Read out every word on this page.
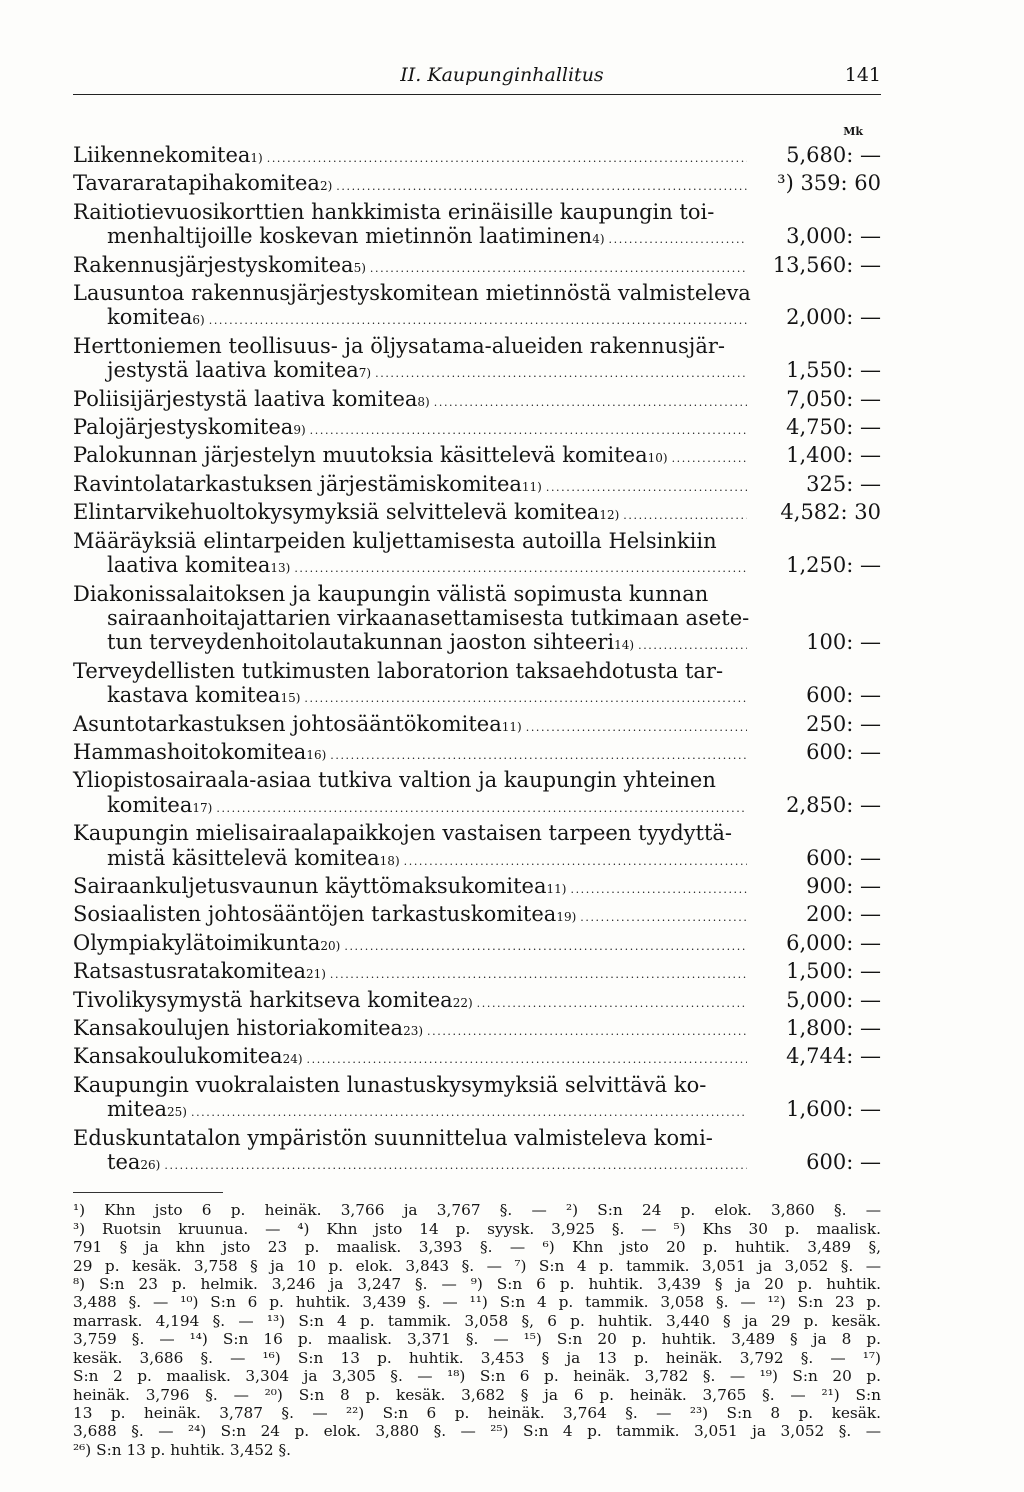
II. Kaupunginhallitus	141
Mk
Liikennekomitea 1) .....	5,680: —
Tavararatapihakomitea 2) .....	³) 359: 60
Raitiotievuosikorttien hankkimista erinäisille kaupungin toi-
menhaltijoille koskevan mietinnön laatiminen 4) .....	3,000: —
Rakennusjärjestyskomitea 5) .....	13,560: —
Lausuntoa rakennusjärjestyskomitean mietinnöstä valmisteleva
komitea 6) .....	2,000: —
Herttoniemen teollisuus- ja öljysatama-alueiden rakennusjär-
jestystä laativa komitea 7) .....	1,550: —
Poliisijärjestystä laativa komitea 8) .....	7,050: —
Palojärjestyskomitea 9) .....	4,750: —
Palokunnan järjestelyn muutoksia käsittelevä komitea 10) .....	1,400: —
Ravintolatarkastuksen järjestämiskomitea 11) .....	325: —
Elintarvikehuoltokysymyksiä selvittelevä komitea 12) .....	4,582: 30
Määräyksiä elintarpeiden kuljettamisesta autoilla Helsinkiin
laativa komitea 13) .....	1,250: —
Diakonissalaitoksen ja kaupungin välistä sopimusta kunnan
sairaanhoitajattarien virkaanasettamisesta tutkimaan asete-
tun terveydenhoitolautakunnan jaoston sihteeri 14) .....	100: —
Terveydellisten tutkimusten laboratorion taksaehdotusta tar-
kastava komitea 15) .....	600: —
Asuntotarkastuksen johtosääntökomitea 11) .....	250: —
Hammashoitokomitea 16) .....	600: —
Yliopistosairaala-asiaa tutkiva valtion ja kaupungin yhteinen
komitea 17) .....	2,850: —
Kaupungin mielisairaalapaikkojen vastaisen tarpeen tyydyttä-
mistä käsittelevä komitea 18) .....	600: —
Sairaankuljetusvaunun käyttömaksukomitea 11) .....	900: —
Sosiaalisten johtosääntöjen tarkastuskomitea 19) .....	200: —
Olympiakylätoimikunta 20) .....	6,000: —
Ratsastusratakomitea 21) .....	1,500: —
Tivolikysymystä harkitseva komitea 22) .....	5,000: —
Kansakoulujen historiakomitea 23) .....	1,800: —
Kansakoulukomitea 24) .....	4,744: —
Kaupungin vuokralaisten lunastuskysymyksiä selvittävä ko-
mitea 25) .....	1,600: —
Eduskuntatalon ympäristön suunnittelua valmisteleva komi-
tea 26) .....	600: —
¹) Khn jsto 6 p. heinäk. 3,766 ja 3,767 §. — ²) S:n 24 p. elok. 3,860 §. —
³) Ruotsin kruunua. — ⁴) Khn jsto 14 p. syysk. 3,925 §. — ⁵) Khs 30 p. maalisk.
791 § ja khn jsto 23 p. maalisk. 3,393 §. — ⁶) Khn jsto 20 p. huhtik. 3,489 §,
29 p. kesäk. 3,758 § ja 10 p. elok. 3,843 §. — ⁷) S:n 4 p. tammik. 3,051 ja 3,052 §. —
⁸) S:n 23 p. helmik. 3,246 ja 3,247 §. — ⁹) S:n 6 p. huhtik. 3,439 § ja 20 p. huhtik.
3,488 §. — ¹⁰) S:n 6 p. huhtik. 3,439 §. — ¹¹) S:n 4 p. tammik. 3,058 §. — ¹²) S:n 23 p.
marrask. 4,194 §. — ¹³) S:n 4 p. tammik. 3,058 §, 6 p. huhtik. 3,440 § ja 29 p. kesäk.
3,759 §. — ¹⁴) S:n 16 p. maalisk. 3,371 §. — ¹⁵) S:n 20 p. huhtik. 3,489 § ja 8 p.
kesäk. 3,686 §. — ¹⁶) S:n 13 p. huhtik. 3,453 § ja 13 p. heinäk. 3,792 §. — ¹⁷)
S:n 2 p. maalisk. 3,304 ja 3,305 §. — ¹⁸) S:n 6 p. heinäk. 3,782 §. — ¹⁹) S:n 20 p.
heinäk. 3,796 §. — ²⁰) S:n 8 p. kesäk. 3,682 § ja 6 p. heinäk. 3,765 §. — ²¹) S:n
13 p. heinäk. 3,787 §. — ²²) S:n 6 p. heinäk. 3,764 §. — ²³) S:n 8 p. kesäk.
3,688 §. — ²⁴) S:n 24 p. elok. 3,880 §. — ²⁵) S:n 4 p. tammik. 3,051 ja 3,052 §. —
²⁶) S:n 13 p. huhtik. 3,452 §.
